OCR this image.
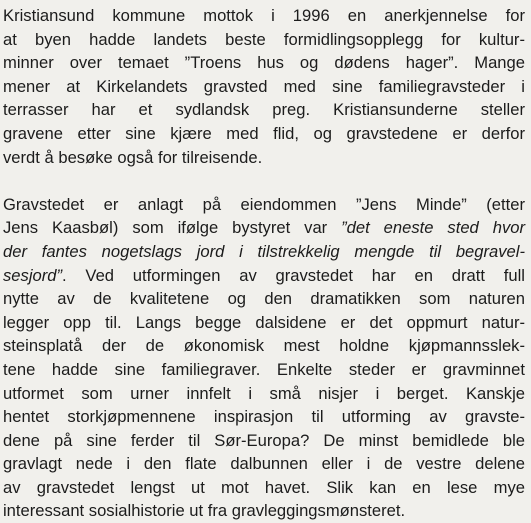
Kristiansund kommune mottok i 1996 en anerkjennelse for
at byen hadde landets beste formidlingsopplegg for kultur-
minner over temaet ”Troens hus og dødens hager”. Mange
mener at Kirkelandets gravsted med sine familiegravsteder i
terrasser har et sydlandsk preg. Kristiansunderne steller
gravene etter sine kjære med flid, og gravstedene er derfor
verdt å besøke også for tilreisende.
Gravstedet er anlagt på eiendommen ”Jens Minde” (etter
Jens Kaasbøl) som ifølge bystyret var ”det eneste sted hvor
der fantes nogetslags jord i tilstrekkelig mengde til begravel-
sesjord”. Ved utformingen av gravstedet har en dratt full
nytte av de kvalitetene og den dramatikken som naturen
legger opp til. Langs begge dalsidene er det oppmurt natur-
steinsplatå der de økonomisk mest holdne kjøpmannsslek-
tene hadde sine familiegraver. Enkelte steder er gravminnet
utformet som urner innfelt i små nisjer i berget. Kanskje
hentet storkjøpmennene inspirasjon til utforming av gravste-
dene på sine ferder til Sør-Europa? De minst bemidlede ble
gravlagt nede i den flate dalbunnen eller i de vestre delene
av gravstedet lengst ut mot havet. Slik kan en lese mye
interessant sosialhistorie ut fra gravleggingsmønsteret.
